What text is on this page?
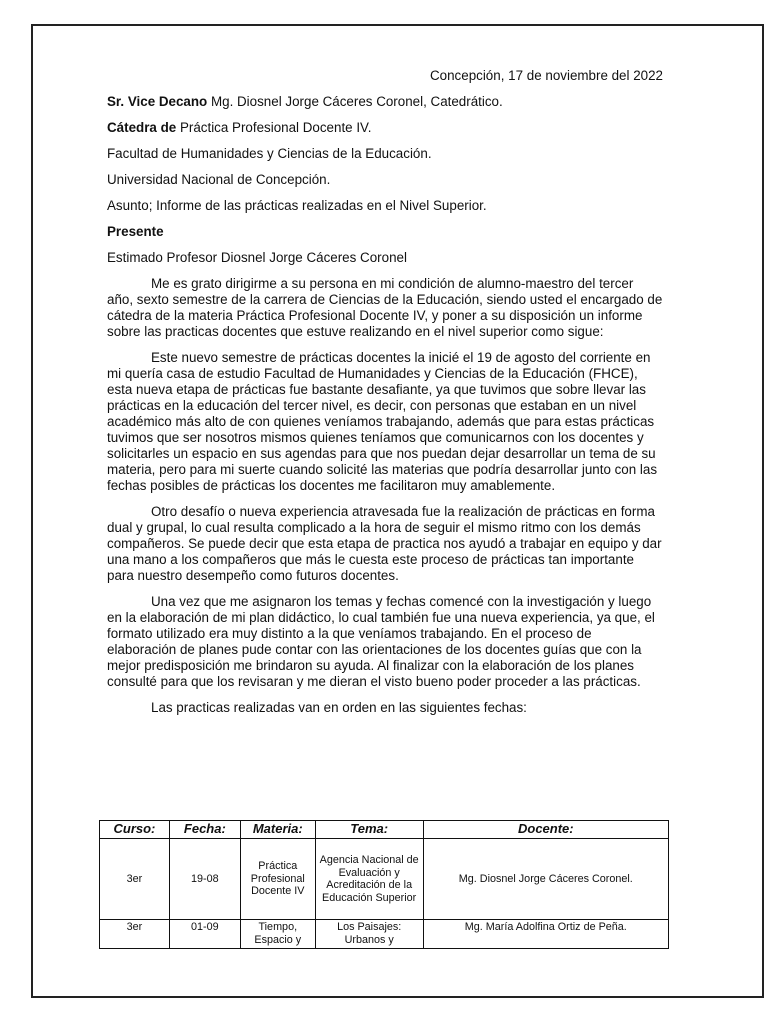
Concepción, 17 de noviembre del 2022
Sr. Vice Decano Mg. Diosnel Jorge Cáceres Coronel, Catedrático.
Cátedra de Práctica Profesional Docente IV.
Facultad de Humanidades y Ciencias de la Educación.
Universidad Nacional de Concepción.
Asunto; Informe de las prácticas realizadas en el Nivel Superior.
Presente
Estimado Profesor Diosnel Jorge Cáceres Coronel

Me es grato dirigirme a su persona en mi condición de alumno-maestro del tercer año, sexto semestre de la carrera de Ciencias de la Educación, siendo usted el encargado de cátedra de la materia Práctica Profesional Docente IV, y poner a su disposición un informe sobre las practicas docentes que estuve realizando en el nivel superior como sigue:

Este nuevo semestre de prácticas docentes la inicié el 19 de agosto del corriente en mi quería casa de estudio Facultad de Humanidades y Ciencias de la Educación (FHCE), esta nueva etapa de prácticas fue bastante desafiante, ya que tuvimos que sobre llevar las prácticas en la educación del tercer nivel, es decir, con personas que estaban en un nivel académico más alto de con quienes veníamos trabajando, además que para estas prácticas tuvimos que ser nosotros mismos quienes teníamos que comunicarnos con los docentes y solicitarles un espacio en sus agendas para que nos puedan dejar desarrollar un tema de su materia, pero para mi suerte cuando solicité las materias que podría desarrollar junto con las fechas posibles de prácticas los docentes me facilitaron muy amablemente.

Otro desafío o nueva experiencia atravesada fue la realización de prácticas en forma dual y grupal, lo cual resulta complicado a la hora de seguir el mismo ritmo con los demás compañeros. Se puede decir que esta etapa de practica nos ayudó a trabajar en equipo y dar una mano a los compañeros que más le cuesta este proceso de prácticas tan importante para nuestro desempeño como futuros docentes.

Una vez que me asignaron los temas y fechas comencé con la investigación y luego en la elaboración de mi plan didáctico, lo cual también fue una nueva experiencia, ya que, el formato utilizado era muy distinto a la que veníamos trabajando. En el proceso de elaboración de planes pude contar con las orientaciones de los docentes guías que con la mejor predisposición me brindaron su ayuda. Al finalizar con la elaboración de los planes consulté para que los revisaran y me dieran el visto bueno poder proceder a las prácticas.

Las practicas realizadas van en orden en las siguientes fechas:

Curso:	Fecha:	Materia:	Tema:	Docente:
3er	19-08	Práctica Profesional Docente IV	Agencia Nacional de Evaluación y Acreditación de la Educación Superior	Mg. Diosnel Jorge Cáceres Coronel.
3er	01-09	Tiempo, Espacio y	Los Paisajes: Urbanos y	Mg. María Adolfina Ortiz de Peña.
